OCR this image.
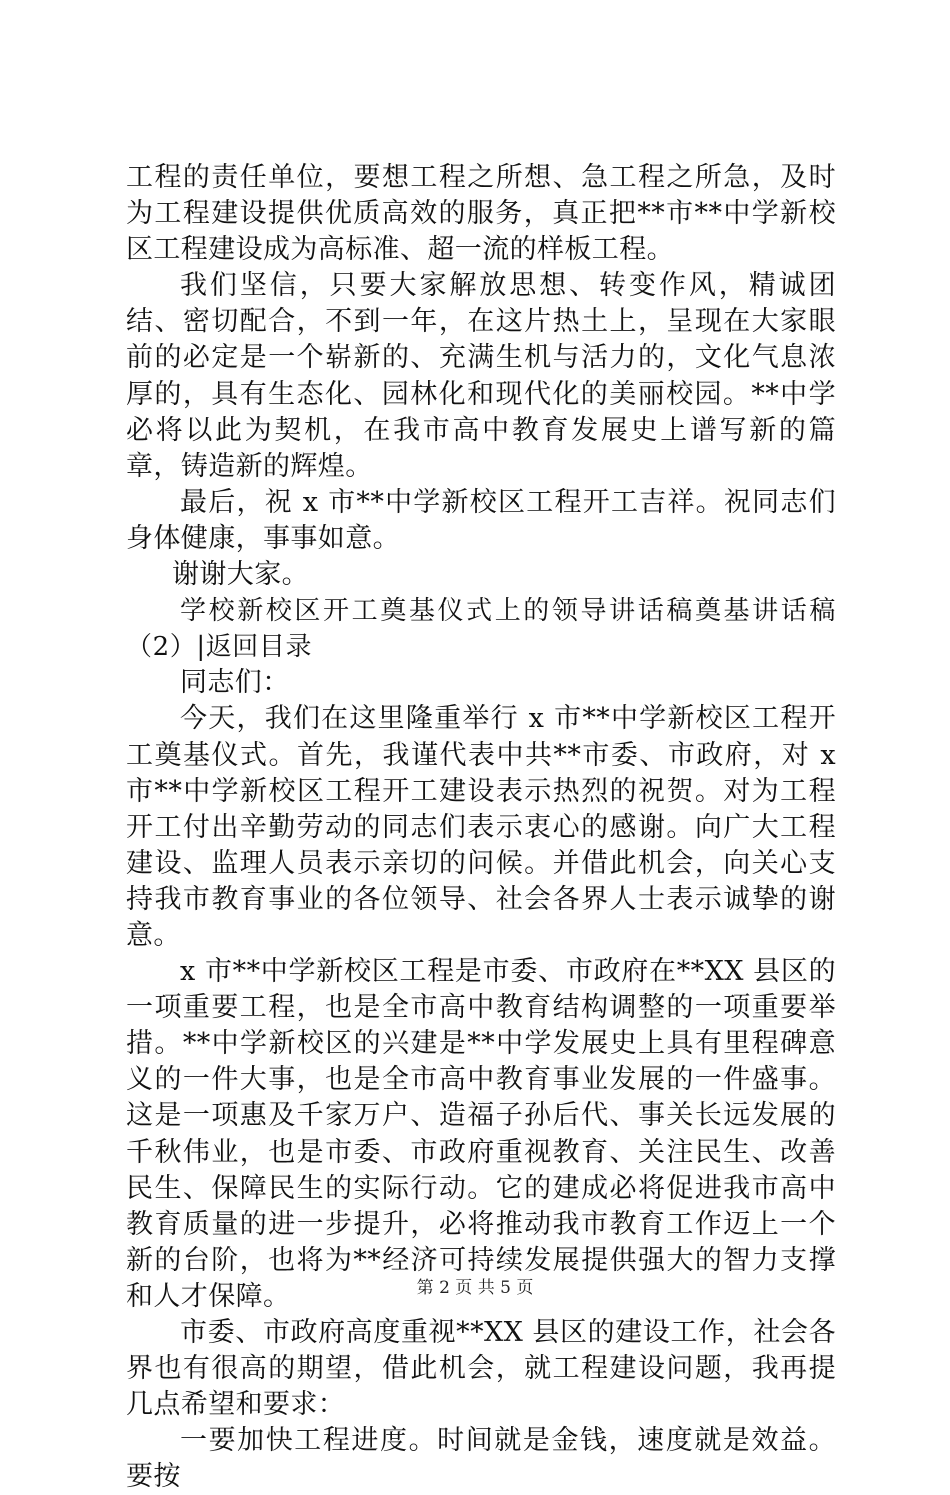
工程的责任单位，要想工程之所想、急工程之所急，及时为工程建设提供优质高效的服务，真正把**市**中学新校区工程建设成为高标准、超一流的样板工程。

我们坚信，只要大家解放思想、转变作风，精诚团结、密切配合，不到一年，在这片热土上，呈现在大家眼前的必定是一个崭新的、充满生机与活力的，文化气息浓厚的，具有生态化、园林化和现代化的美丽校园。**中学必将以此为契机，在我市高中教育发展史上谱写新的篇章，铸造新的辉煌。

最后，祝 x 市**中学新校区工程开工吉祥。祝同志们身体健康，事事如意。

谢谢大家。

学校新校区开工奠基仪式上的领导讲话稿奠基讲话稿（2）|返回目录

同志们：

今天，我们在这里隆重举行 x 市**中学新校区工程开工奠基仪式。首先，我谨代表中共**市委、市政府，对 x 市**中学新校区工程开工建设表示热烈的祝贺。对为工程开工付出辛勤劳动的同志们表示衷心的感谢。向广大工程建设、监理人员表示亲切的问候。并借此机会，向关心支持我市教育事业的各位领导、社会各界人士表示诚挚的谢意。

x 市**中学新校区工程是市委、市政府在**XX 县区的一项重要工程，也是全市高中教育结构调整的一项重要举措。**中学新校区的兴建是**中学发展史上具有里程碑意义的一件大事，也是全市高中教育事业发展的一件盛事。这是一项惠及千家万户、造福子孙后代、事关长远发展的千秋伟业，也是市委、市政府重视教育、关注民生、改善民生、保障民生的实际行动。它的建成必将促进我市高中教育质量的进一步提升，必将推动我市教育工作迈上一个新的台阶，也将为**经济可持续发展提供强大的智力支撑和人才保障。

市委、市政府高度重视**XX 县区的建设工作，社会各界也有很高的期望，借此机会，就工程建设问题，我再提几点希望和要求：

一要加快工程进度。时间就是金钱，速度就是效益。要按

第 2 页 共 5 页
